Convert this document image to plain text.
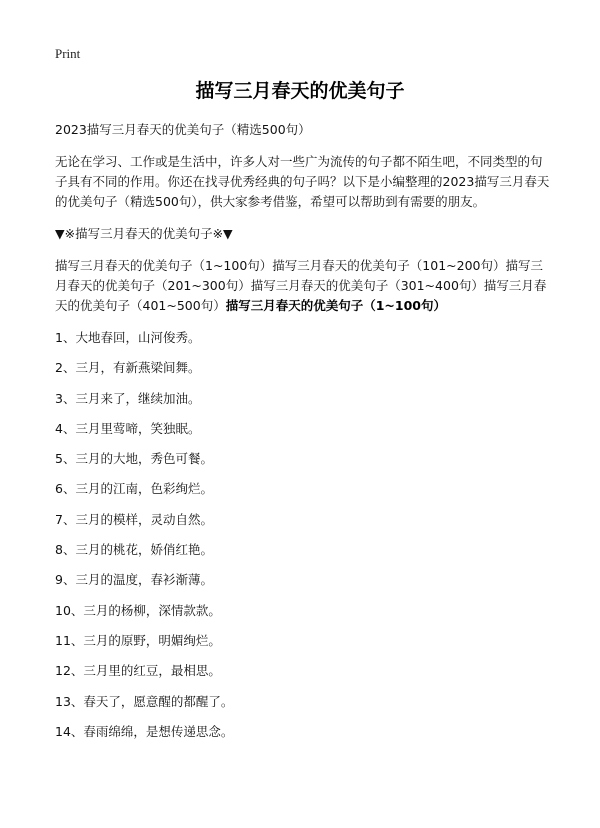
Print
描写三月春天的优美句子

2023描写三月春天的优美句子（精选500句）

无论在学习、工作或是生活中，许多人对一些广为流传的句子都不陌生吧，不同类型的句子具有不同的作用。你还在找寻优秀经典的句子吗？以下是小编整理的2023描写三月春天的优美句子（精选500句），供大家参考借鉴，希望可以帮助到有需要的朋友。

▼※描写三月春天的优美句子※▼

描写三月春天的优美句子（1~100句）描写三月春天的优美句子（101~200句）描写三月春天的优美句子（201~300句）描写三月春天的优美句子（301~400句）描写三月春天的优美句子（401~500句）描写三月春天的优美句子（1~100句）

1、大地春回，山河俊秀。
2、三月，有新燕梁间舞。
3、三月来了，继续加油。
4、三月里莺啼，笑独眠。
5、三月的大地，秀色可餐。
6、三月的江南，色彩绚烂。
7、三月的模样，灵动自然。
8、三月的桃花，娇俏红艳。
9、三月的温度，春衫渐薄。
10、三月的杨柳，深情款款。
11、三月的原野，明媚绚烂。
12、三月里的红豆，最相思。
13、春天了，愿意醒的都醒了。
14、春雨绵绵，是想传递思念。
